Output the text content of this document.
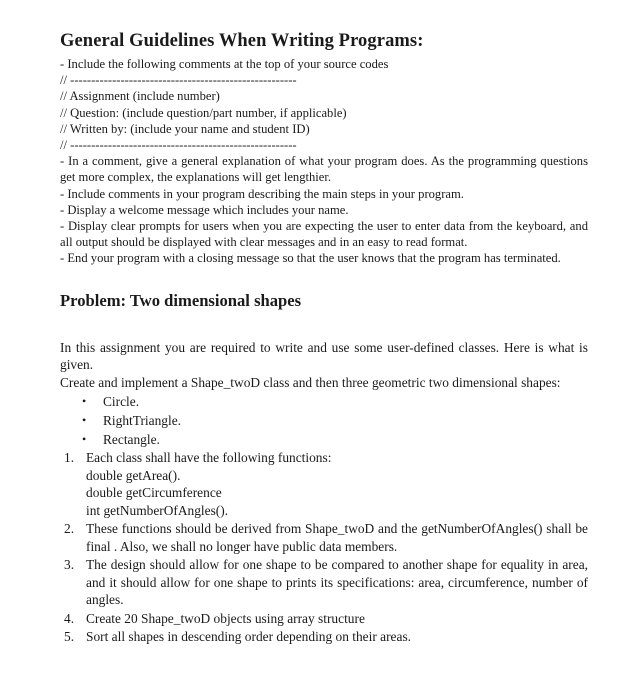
General Guidelines When Writing Programs:

- Include the following comments at the top of your source codes

// ------------------------------------------------------

// Assignment (include number)

// Question: (include question/part number, if applicable)

// Written by: (include your name and student ID)

// ------------------------------------------------------

- In a comment, give a general explanation of what your program does. As the programming questions get more complex, the explanations will get lengthier.

- Include comments in your program describing the main steps in your program.

- Display a welcome message which includes your name.

- Display clear prompts for users when you are expecting the user to enter data from the keyboard, and all output should be displayed with clear messages and in an easy to read format.

- End your program with a closing message so that the user knows that the program has terminated.

Problem: Two dimensional shapes

In this assignment you are required to write and use some user-defined classes. Here is what is given.

Create and implement a Shape_twoD class and then three geometric two dimensional shapes:

• Circle.
• RightTriangle.
• Rectangle.
1. Each class shall have the following functions:
double getArea().
double getCircumference
int getNumberOfAngles().
2. These functions should be derived from Shape_twoD and the getNumberOfAngles() shall be final . Also, we shall no longer have public data members.
3. The design should allow for one shape to be compared to another shape for equality in area, and it should allow for one shape to prints its specifications: area, circumference, number of angles.
4. Create 20 Shape_twoD objects using array structure
5. Sort all shapes in descending order depending on their areas.
